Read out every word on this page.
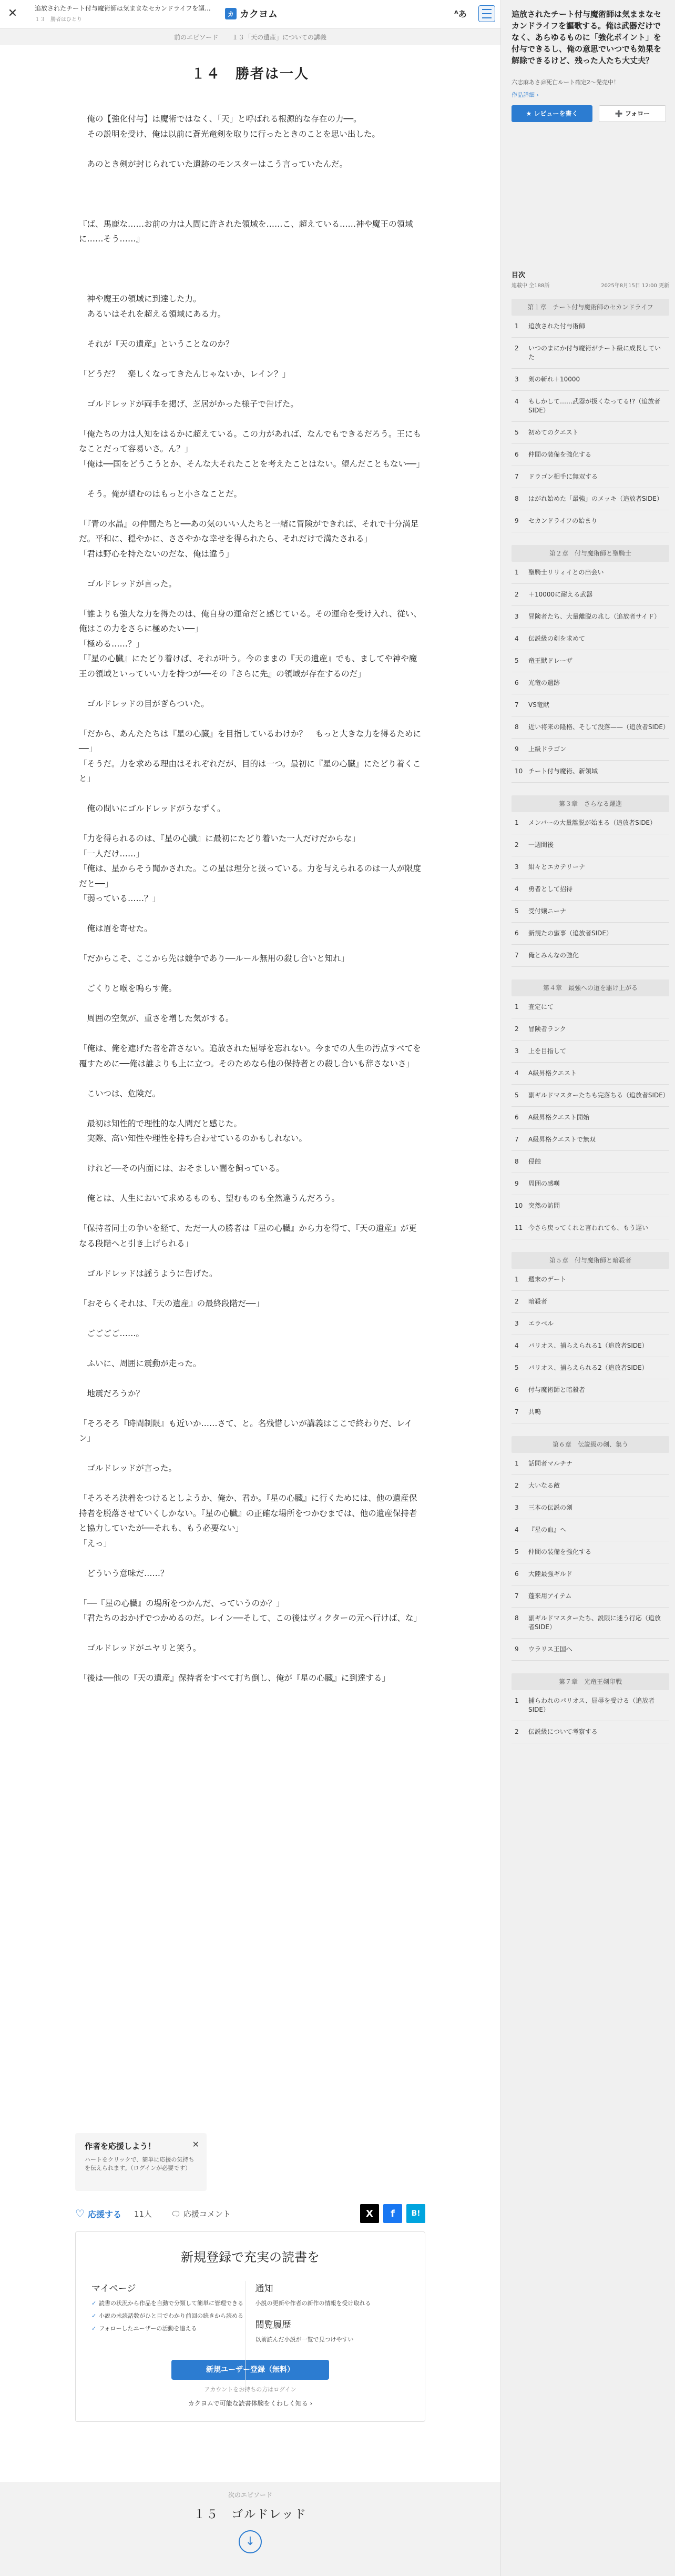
✕	追放されたチート付与魔術師は気ままなセカンドライフを謳...
１３　勝者はひとり
カ カクヨム	ᴬあ
前のエピソード １３「天の遺産」についての講義
１４　勝者は一人

　俺の【強化付与】は魔術ではなく、「天」と呼ばれる根源的な存在の力──。

　その説明を受け、俺は以前に蒼光竜剣を取りに行ったときのことを思い出した。

　あのとき剣が封じられていた遺跡のモンスターはこう言っていたんだ。

『ば、馬鹿な……お前の力は人間に許された領域を……こ、超えている……神や魔王の領域に……そう……』

　神や魔王の領域に到達した力。

　あるいはそれを超える領域にある力。

　それが『天の遺産』ということなのか？

「どうだ？　楽しくなってきたんじゃないか、レイン？」

　ゴルドレッドが両手を掲げ、芝居がかった様子で告げた。

「俺たちの力は人知をはるかに超えている。この力があれば、なんでもできるだろう。王にもなことだって容易いさ。ん？」

「俺は──国をどうこうとか、そんな大それたことを考えたことはない。望んだこともない──」

　そう。俺が望むのはもっと小さなことだ。

「『青の水晶』の仲間たちと──あの気のいい人たちと一緒に冒険ができれば、それで十分満足だ。平和に、穏やかに、ささやかな幸せを得られたら、それだけで満たされる」

「君は野心を持たないのだな、俺は違う」

　ゴルドレッドが言った。

「誰よりも強大な力を得たのは、俺自身の運命だと感じている。その運命を受け入れ、従い、俺はこの力をさらに極めたい──」

「極める……？」

「『星の心臓』にたどり着けば、それが叶う。今のままの『天の遺産』でも、ましてや神や魔王の領域といっていい力を持つが──その『さらに先』の領域が存在するのだ」

　ゴルドレッドの目がぎらついた。

「だから、あんたたちは『星の心臓』を目指しているわけか？　もっと大きな力を得るために──」

「そうだ。力を求める理由はそれぞれだが、目的は一つ。最初に『星の心臓』にたどり着くこと」

　俺の問いにゴルドレッドがうなずく。

「力を得られるのは、『星の心臓』に最初にたどり着いた一人だけだからな」

「一人だけ……」

「俺は、星からそう聞かされた。この星は理分と扱っている。力を与えられるのは一人が限度だと──」

「弱っている……？」

　俺は眉を寄せた。

「だからこそ、ここから先は競争であり──ルール無用の殺し合いと知れ」

　ごくりと喉を鳴らす俺。

　周囲の空気が、重さを増した気がする。

「俺は、俺を遮げた者を許さない。追放された屈辱を忘れない。今までの人生の汚点すべてを覆すために──俺は誰よりも上に立つ。そのためなら他の保持者との殺し合いも辞さないさ」

　こいつは、危険だ。

　最初は知性的で理性的な人間だと感じた。

　実際、高い知性や理性を持ち合わせているのかもしれない。

　けれど──その内面には、おそましい闇を飼っている。

　俺とは、人生において求めるものも、望むものも全然違うんだろう。

「保持者同士の争いを経て、ただ一人の勝者は『星の心臓』から力を得て、『天の遺産』が更なる段階へと引き上げられる」

　ゴルドレッドは謡うように告げた。

「おそらくそれは、『天の遺産』の最終段階だ──」

　ごごごご……。

　ふいに、周囲に震動が走った。

　地震だろうか？

「そろそろ『時間制限』も近いか……さて、と。名残惜しいが講義はここで終わりだ、レイン」

　ゴルドレッドが言った。

「そろそろ決着をつけるとしようか、俺か、君か。『星の心臓』に行くためには、他の遺産保持者を脱落させていくしかない。『星の心臓』の正確な場所をつかむまでは、他の遺産保持者と協力していたが──それも、もう必要ない」

「えっ」

　どういう意味だ……？

「──『星の心臓』の場所をつかんだ、っていうのか？」

「君たちのおかげでつかめるのだ。レイン──そして、この後はヴィクターの元へ行けば、な」

　ゴルドレッドがニヤリと笑う。

「後は──他の『天の遺産』保持者をすべて打ち倒し、俺が『星の心臓』に到達する」

作者を応援しよう！
ハートをクリックで、簡単に応援の気持ちを伝えられます。（ログインが必要です）
✕
♡ 応援する 11人 🗨 応援コメント	X	f	B!
新規登録で充実の読書を
マイページ
✓ 読書の状況から作品を自動で分類して簡単に管理できる
✓ 小説の未読話数がひと目でわかり前回の続きから読める
✓ フォローしたユーザーの活動を追える
通知
小説の更新や作者の新作の情報を受け取れる
閲覧履歴
以前読んだ小説が一覧で見つけやすい
新規ユーザー登録（無料）
アカウントをお持ちの方はログイン
カクヨムで可能な読書体験をくわしく知る ›
次のエピソード
１５　ゴルドレッド
↓
追放されたチート付与魔術師は気ままなセカンドライフを謳歌する。俺は武器だけでなく、あらゆるものに「強化ポイント」を付与できるし、俺の意思でいつでも効果を解除できるけど、残った人たち大丈夫？
六志麻あさ＠死亡ルート確定2〜発売中！
作品詳細 ›
★ レビューを書く	➕ フォロー
目次
連載中 全188話	2025年8月15日 12:00 更新
第１章　チート付与魔術師のセカンドライフ
1	追放された付与術師
2	いつのまにか付与魔術がチート級に成長していた
3	剣の斬れ＋10000
4	もしかして……武器が扱くなってる!?（追放者SIDE）
5	初めてのクエスト
6	仲間の装備を強化する
7	ドラゴン相手に無双する
8	はがれ始めた「最強」のメッキ（追放者SIDE）
9	セカンドライフの始まり
第２章　付与魔術師と聖騎士
1	聖騎士リリィイとの出会い
2	＋10000に耐える武器
3	冒険者たち、大量離脱の兆し（追放者サイド）
4	伝説級の剣を求めて
5	竜王獣ドレーザ
6	光竜の遺跡
7	VS竜獣
8	近い将来の隆格、そして没落——（追放者SIDE）
9	上級ドラゴン
10 チート付与魔術、新領域
第３章　さらなる躍進
1	メンバーの大量離脱が始まる（追放者SIDE）
2	一週間後
3	紺々とエカテリーナ
4	勇者として招待
5	受付嬢ニーナ
6	新規たの蜜事（追放者SIDE）
7	俺とみんなの強化
第４章　最強への道を駆け上がる
1	査定にて
2	冒険者ランク
3	上を目指して
4	A級昇格クエスト
5	副ギルドマスターたちも完落ちる（追放者SIDE）
6	A級昇格クエスト開始
7	A級昇格クエストで無双
8	侵蝕
9	周囲の感嘆
10 突然の訪問
11 今さら戻ってくれと言われても、もう遅い
第５章　付与魔術師と暗殺者
1	週末のデート
2	暗殺者
3	エラベル
4	パリオス、捕らえられる1（追放者SIDE）
5	パリオス、捕らえられる2（追放者SIDE）
6	付与魔術師と暗殺者
7	共鳴
第６章　伝説級の剣、集う
1	話問者マルチナ
2	大いなる敵
3	三本の伝説の剣
4	『星の血』へ
5	仲間の装備を強化する
6	大陸最強ギルド
7	蓬来用アイテム
8	副ギルドマスターたち、説限に迷う行応（追放者SIDE）
9	ウラリス王国へ
第７章　光竜王剣印戦
1	捕らわれのパリオス、屈辱を受ける（追放者SIDE）
2	伝説級について考察する
